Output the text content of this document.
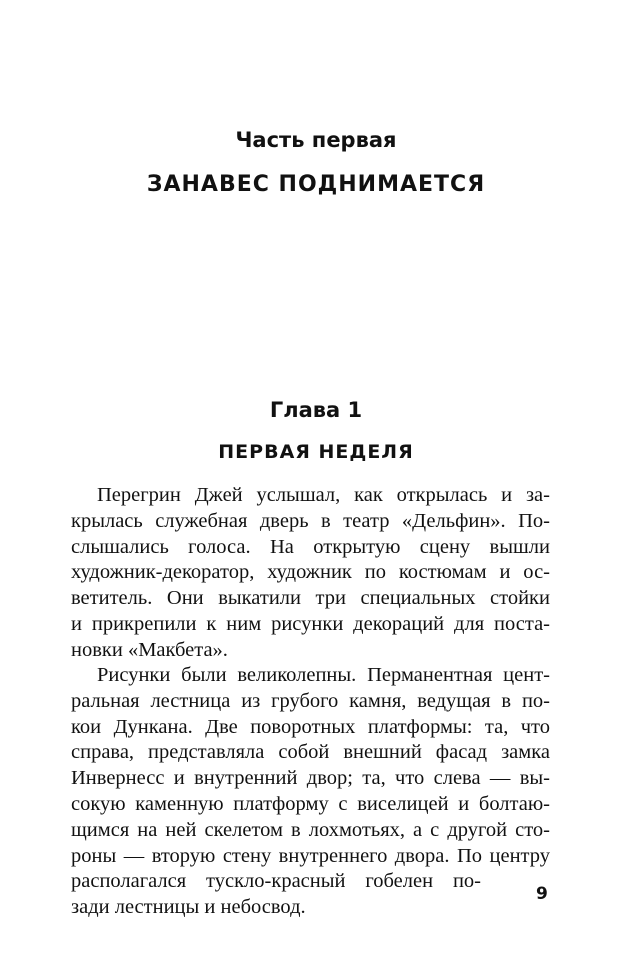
Часть первая
ЗАНАВЕС ПОДНИМАЕТСЯ
Глава 1
ПЕРВАЯ НЕДЕЛЯ
Перегрин Джей услышал, как открылась и за-
крылась служебная дверь в театр «Дельфин». По-
слышались голоса. На открытую сцену вышли
художник-декоратор, художник по костюмам и ос-
ветитель. Они выкатили три специальных стойки
и прикрепили к ним рисунки декораций для поста-
новки «Макбета».
Рисунки были великолепны. Перманентная цент-
ральная лестница из грубого камня, ведущая в по-
кои Дункана. Две поворотных платформы: та, что
справа, представляла собой внешний фасад замка
Инвернесс и внутренний двор; та, что слева — вы-
сокую каменную платформу с виселицей и болтаю-
щимся на ней скелетом в лохмотьях, а с другой сто-
роны — вторую стену внутреннего двора. По центру
располагался тускло-красный гобелен по-
зади лестницы и небосвод.
9
